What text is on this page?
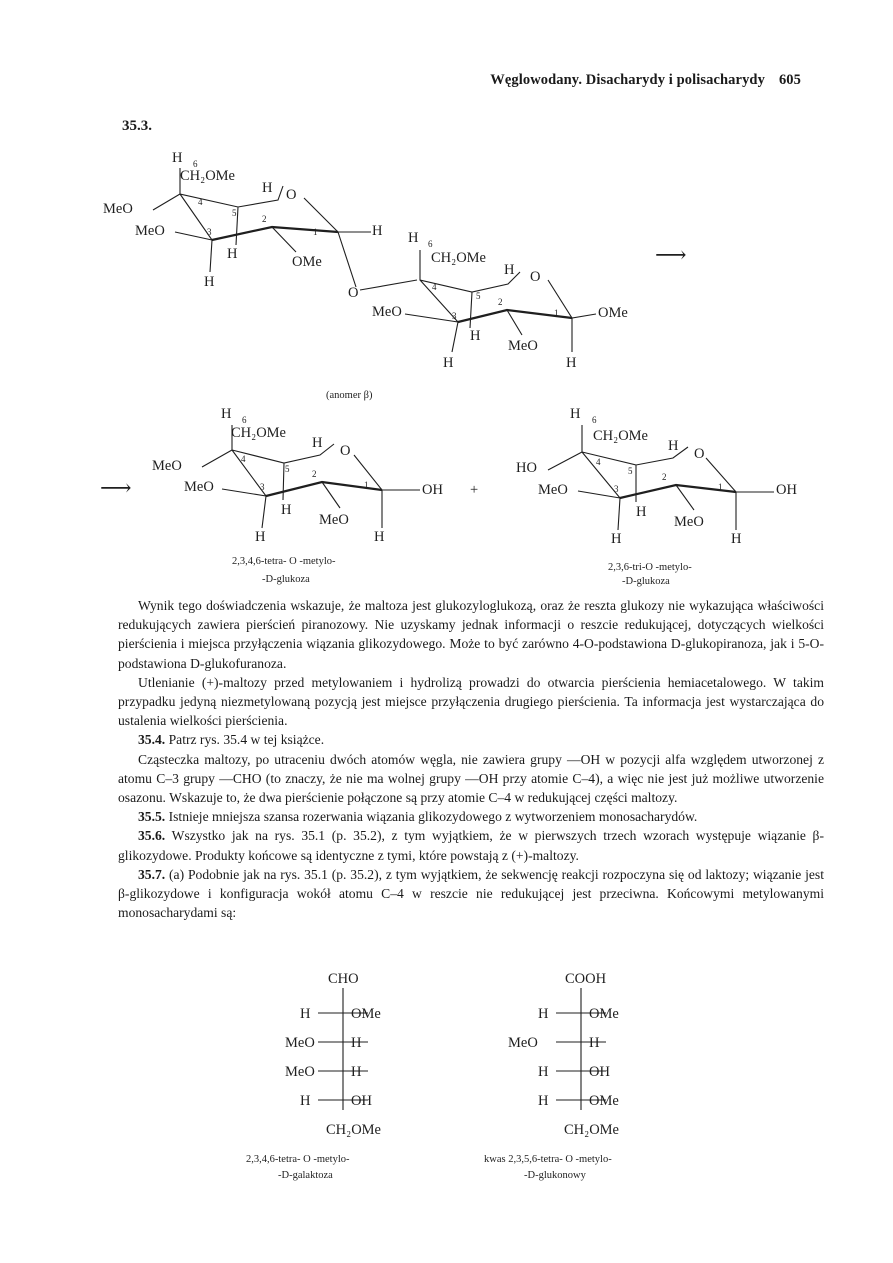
Węglowodany. Disacharydy i polisacharydy 605
35.3.
H 6
CH₂OMe
H O
MeO
MeO	H
H	OMe
H
4
5
2
3	1
O
H 6
CH₂OMe
H O
MeO	OMe
H
MeO
H	H
4
5
2
3	1
(anomer β)
⟶
⟶
H 6
CH₂OMe
H O
MeO
MeO	OH
H
MeO
H	H
4
5	2
3	1	+
H 6
CH₂OMe
H O
HO
MeO	OH
H
MeO
H	H
4
5
2
3	1
2,3,4,6-tetra- O -metylo-
-D-glukoza
2,3,6-tri-O -metylo-
-D-glukoza

Wynik tego doświadczenia wskazuje, że maltoza jest glukozyloglukozą, oraz że reszta glukozy nie wykazująca właściwości redukujących zawiera pierścień piranozowy. Nie uzyskamy jednak informacji o reszcie redukującej, dotyczących wielkości pierścienia i miejsca przyłączenia wiązania glikozydowego. Może to być zarówno 4-O-podstawiona D-glukopiranoza, jak i 5-O-podstawiona D-glukofuranoza.

Utlenianie (+)-maltozy przed metylowaniem i hydrolizą prowadzi do otwarcia pierścienia hemiacetalowego. W takim przypadku jedyną niezmetylowaną pozycją jest miejsce przyłączenia drugiego pierścienia. Ta informacja jest wystarczająca do ustalenia wielkości pierścienia.

35.4. Patrz rys. 35.4 w tej książce.

Cząsteczka maltozy, po utraceniu dwóch atomów węgla, nie zawiera grupy —OH w pozycji alfa względem utworzonej z atomu C–3 grupy —CHO (to znaczy, że nie ma wolnej grupy —OH przy atomie C–4), a więc nie jest już możliwe utworzenie osazonu. Wskazuje to, że dwa pierścienie połączone są przy atomie C–4 w redukującej części maltozy.

35.5. Istnieje mniejsza szansa rozerwania wiązania glikozydowego z wytworzeniem monosacharydów.

35.6. Wszystko jak na rys. 35.1 (p. 35.2), z tym wyjątkiem, że w pierwszych trzech wzorach występuje wiązanie β-glikozydowe. Produkty końcowe są identyczne z tymi, które powstają z (+)-maltozy.

35.7. (a) Podobnie jak na rys. 35.1 (p. 35.2), z tym wyjątkiem, że sekwencję reakcji rozpoczyna się od laktozy; wiązanie jest β-glikozydowe i konfiguracja wokół atomu C–4 w reszcie nie redukującej jest przeciwna. Końcowymi metylowanymi monosacharydami są:

CHO
H	OMe
MeO H
MeO H
H	OH
CH₂OMe
2,3,4,6-tetra- O -metylo-
-D-galaktoza
COOH
H	OMe
MeO	H
H	OH
H	OMe
CH₂OMe
kwas 2,3,5,6-tetra- O -metylo-
-D-glukonowy
